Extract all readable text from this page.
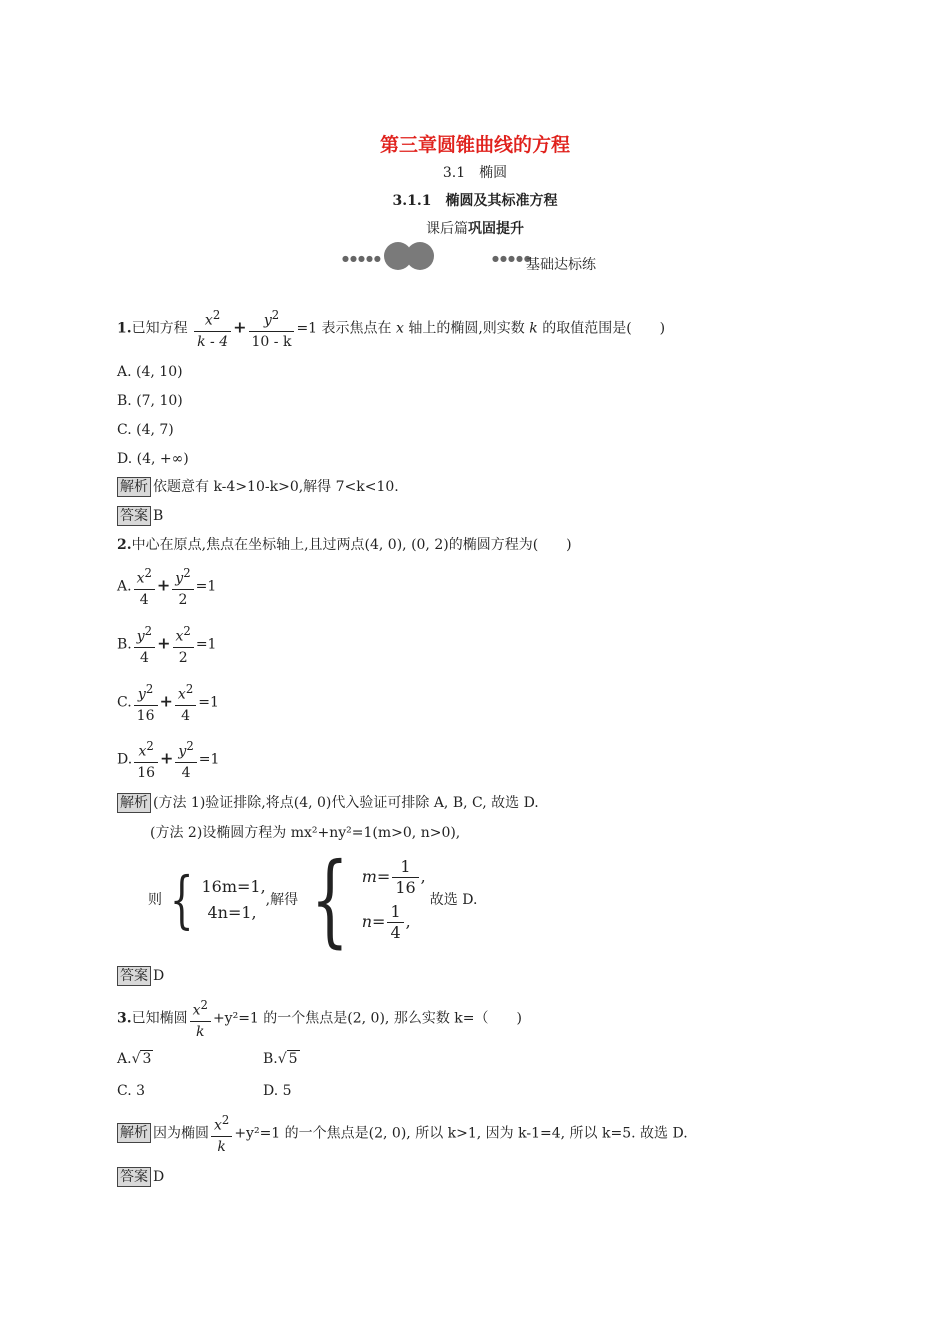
第三章圆锥曲线的方程
3.1　椭圆
3.1.1　椭圆及其标准方程
课后篇巩固提升
●●●●●	●●●●●
基础达标练
1.已知方程 $\frac{x^2}{k - 4} + \frac{y^2}{10 - k} =1$ 表示焦点在 x 轴上的椭圆,则实数 k 的取值范围是(　　)
A. (4, 10)
B. (7, 10)
C. (4, 7)
D. (4, +∞)
解析 依题意有 k-4>10-k>0,解得 7<k<10.
答案 B
2.中心在原点,焦点在坐标轴上,且过两点(4, 0), (0, 2)的椭圆方程为(　　)
A. $\frac{x^2}{4} + \frac{y^2}{2} =1$
B. $\frac{y^2}{4} + \frac{x^2}{2} =1$
C. $\frac{y^2}{16} + \frac{x^2}{4} =1$
D. $\frac{x^2}{16} + \frac{y^2}{4} =1$
解析 (方法 1)验证排除,将点(4, 0)代入验证可排除 A, B, C, 故选 D.
(方法 2)设椭圆方程为 mx²+ny²=1(m>0, n>0),
则 { 16m=1,
4n=1,
,解得 { $m= \frac{1}{16}$ ,
$n= \frac{1}{4}$ ,
故选 D.
答案 D
3.已知椭圆 $\frac{x^2}{k} +y^2=1$ 的一个焦点是(2, 0), 那么实数 k=（　　)
A.√ 3	B.√ 5
C. 3	D. 5
解析 因为椭圆 $\frac{x^2}{k} +y^2=1$ 的一个焦点是(2, 0), 所以 k>1, 因为 k-1=4, 所以 k=5. 故选 D.
答案 D
